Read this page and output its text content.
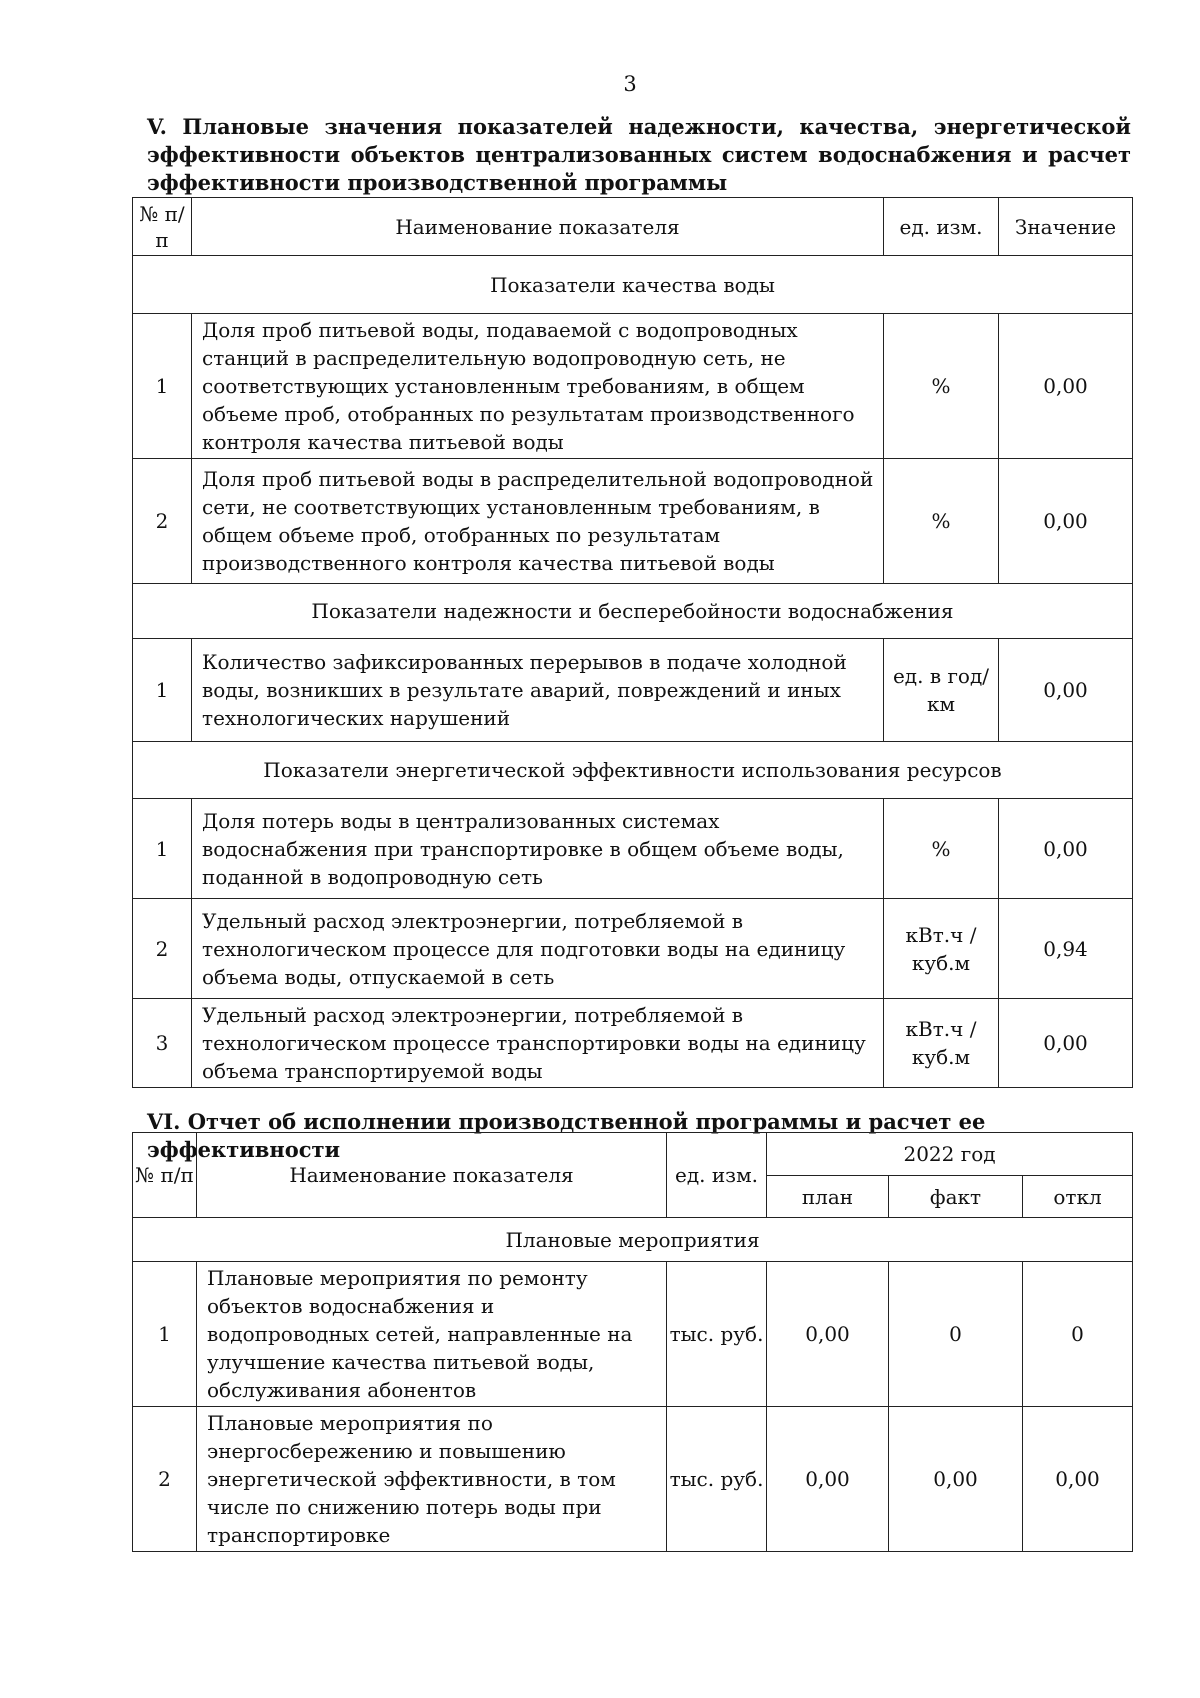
3
V. Плановые значения показателей надежности, качества, энергетической эффективности объектов централизованных систем водоснабжения и расчет эффективности производственной программы
№ п/п	Наименование показателя	ед. изм.	Значение
Показатели качества воды			
1	Доля проб питьевой воды, подаваемой с водопроводных станций в распределительную водопроводную сеть, не соответствующих установленным требованиям, в общем объеме проб, отобранных по результатам производственного контроля качества питьевой воды	%	0,00
2	Доля проб питьевой воды в распределительной водопроводной сети, не соответствующих установленным требованиям, в общем объеме проб, отобранных по результатам производственного контроля качества питьевой воды	%	0,00
Показатели надежности и бесперебойности водоснабжения			
1	Количество зафиксированных перерывов в подаче холодной воды, возникших в результате аварий, повреждений и иных технологических нарушений	ед. в год/ км	0,00
Показатели энергетической эффективности использования ресурсов			
1	Доля потерь воды в централизованных системах водоснабжения при транспортировке в общем объеме воды, поданной в водопроводную сеть	%	0,00
2	Удельный расход электроэнергии, потребляемой в технологическом процессе для подготовки воды на единицу объема воды, отпускаемой в сеть	кВт.ч / куб.м	0,94
3	Удельный расход электроэнергии, потребляемой в технологическом процессе транспортировки воды на единицу объема транспортируемой воды	кВт.ч / куб.м	0,00
VI. Отчет об исполнении производственной программы и расчет ее эффективности
№ п/п	Наименование показателя	ед. изм.	2022 год		
			план	факт	откл
Плановые мероприятия					
1	Плановые мероприятия по ремонту объектов водоснабжения и водопроводных сетей, направленные на улучшение качества питьевой воды, обслуживания абонентов	тыс. руб.	0,00	0	0
2	Плановые мероприятия по энергосбережению и повышению энергетической эффективности, в том числе по снижению потерь воды при транспортировке	тыс. руб.	0,00	0,00	0,00
